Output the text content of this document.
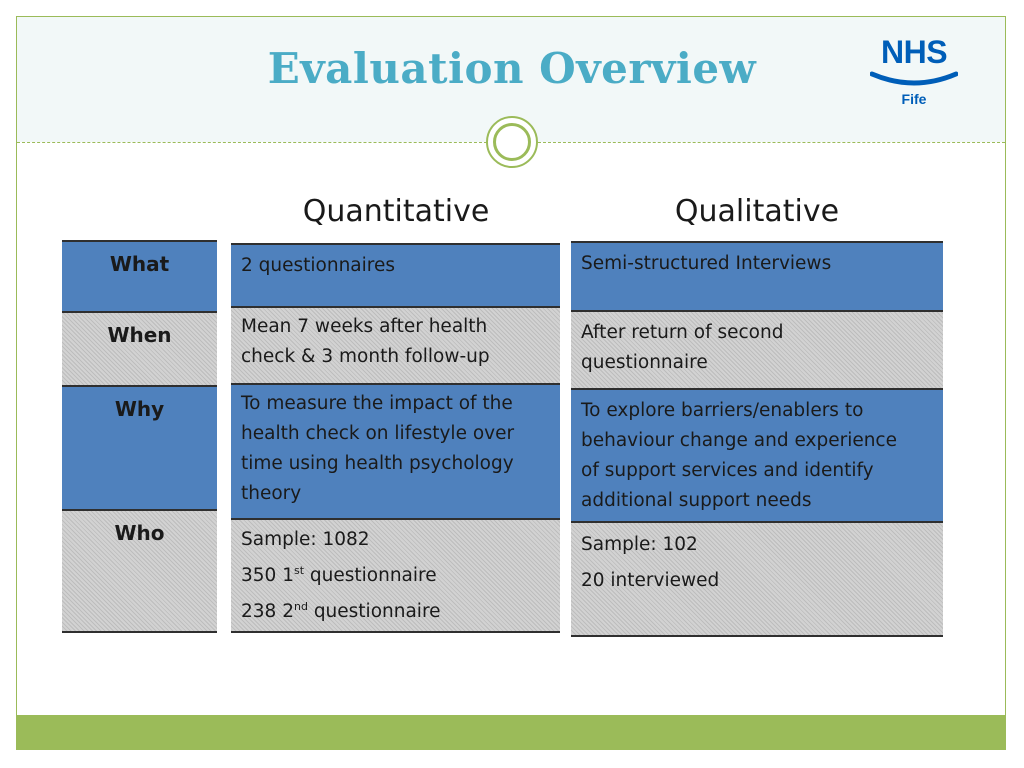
Evaluation Overview	NHS
Fife
Quantitative	Qualitative
What
When
Why
Who
2 questionnaires
Mean 7 weeks after health
check & 3 month follow-up
To measure the impact of the
health check on lifestyle over
time using health psychology
theory
Sample: 1082
350 1st questionnaire
238 2nd questionnaire
Semi-structured Interviews
After return of second
questionnaire
To explore barriers/enablers to
behaviour change and experience
of support services and identify
additional support needs
Sample: 102
20 interviewed
